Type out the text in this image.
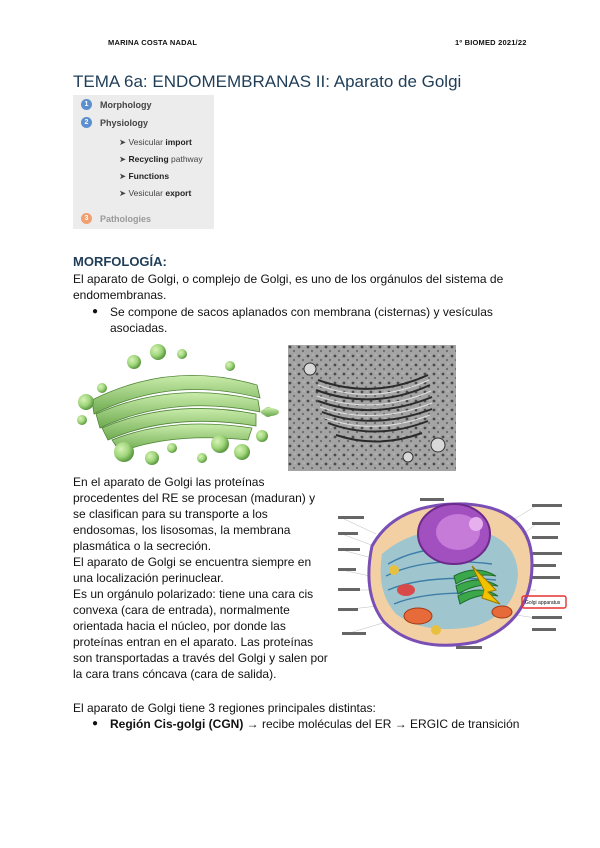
MARINA COSTA NADAL	1º BIOMED 2021/22
TEMA 6a: ENDOMEMBRANAS II: Aparato de Golgi
1	Morphology
2	Physiology
➤ Vesicular import
➤ Recycling pathway
➤ Functions
➤ Vesicular export
3	Pathologies
MORFOLOGÍA:
El aparato de Golgi, o complejo de Golgi, es uno de los orgánulos del sistema de
endomembranas.
● Se compone de sacos aplanados con membrana (cisternas) y vesículas
asociadas.
En el aparato de Golgi las proteínas
procedentes del RE se procesan (maduran) y
se clasifican para su transporte a los
endosomas, los lisosomas, la membrana
plasmática o la secreción.
El aparato de Golgi se encuentra siempre en
una localización perinuclear.
Es un orgánulo polarizado: tiene una cara cis
convexa (cara de entrada), normalmente
orientada hacia el núcleo, por donde las
proteínas entran en el aparato. Las proteínas
son transportadas a través del Golgi y salen por
la cara trans cóncava (cara de salida).
Golgi apparatus
El aparato de Golgi tiene 3 regiones principales distintas:
● Región Cis-golgi (CGN) → recibe moléculas del ER → ERGIC de transición
